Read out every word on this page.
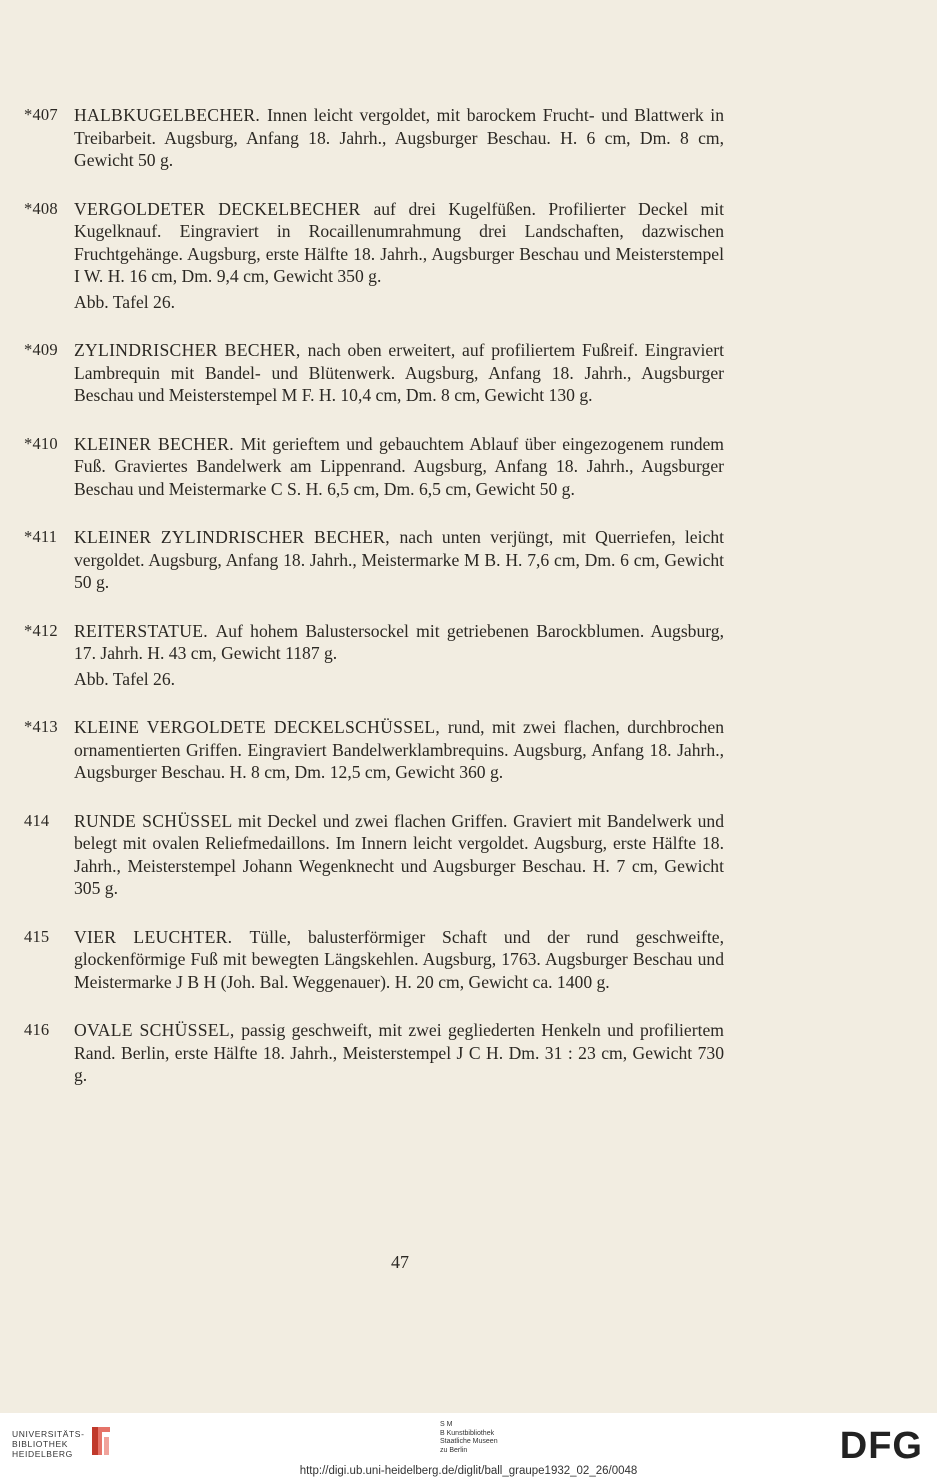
*407 HALBKUGELBECHER. Innen leicht vergoldet, mit barockem Frucht- und Blattwerk in Treibarbeit. Augsburg, Anfang 18. Jahrh., Augsburger Beschau. H. 6 cm, Dm. 8 cm, Gewicht 50 g.
*408 VERGOLDETER DECKELBECHER auf drei Kugelfüßen. Profilierter Deckel mit Kugelknauf. Eingraviert in Rocaillenumrahmung drei Landschaften, dazwischen Fruchtgehänge. Augsburg, erste Hälfte 18. Jahrh., Augsburger Beschau und Meisterstempel I W. H. 16 cm, Dm. 9,4 cm, Gewicht 350 g.
Abb. Tafel 26.
*409 ZYLINDRISCHER BECHER, nach oben erweitert, auf profiliertem Fußreif. Eingraviert Lambrequin mit Bandel- und Blütenwerk. Augsburg, Anfang 18. Jahrh., Augsburger Beschau und Meisterstempel M F. H. 10,4 cm, Dm. 8 cm, Gewicht 130 g.
*410 KLEINER BECHER. Mit gerieftem und gebauchtem Ablauf über eingezogenem rundem Fuß. Graviertes Bandelwerk am Lippenrand. Augsburg, Anfang 18. Jahrh., Augsburger Beschau und Meistermarke C S. H. 6,5 cm, Dm. 6,5 cm, Gewicht 50 g.
*411 KLEINER ZYLINDRISCHER BECHER, nach unten verjüngt, mit Querriefen, leicht vergoldet. Augsburg, Anfang 18. Jahrh., Meistermarke M B. H. 7,6 cm, Dm. 6 cm, Gewicht 50 g.
*412 REITERSTATUE. Auf hohem Balustersockel mit getriebenen Barockblumen. Augsburg, 17. Jahrh. H. 43 cm, Gewicht 1187 g.
Abb. Tafel 26.
*413 KLEINE VERGOLDETE DECKELSCHÜSSEL, rund, mit zwei flachen, durchbrochen ornamentierten Griffen. Eingraviert Bandelwerklambrequins. Augsburg, Anfang 18. Jahrh., Augsburger Beschau. H. 8 cm, Dm. 12,5 cm, Gewicht 360 g.
414	RUNDE SCHÜSSEL mit Deckel und zwei flachen Griffen. Graviert mit Bandelwerk und belegt mit ovalen Reliefmedaillons. Im Innern leicht vergoldet. Augsburg, erste Hälfte 18. Jahrh., Meisterstempel Johann Wegenknecht und Augsburger Beschau. H. 7 cm, Gewicht 305 g.
415	VIER LEUCHTER. Tülle, balusterförmiger Schaft und der rund geschweifte, glockenförmige Fuß mit bewegten Längskehlen. Augsburg, 1763. Augsburger Beschau und Meistermarke J B H (Joh. Bal. Weggenauer). H. 20 cm, Gewicht ca. 1400 g.
416	OVALE SCHÜSSEL, passig geschweift, mit zwei gegliederten Henkeln und profiliertem Rand. Berlin, erste Hälfte 18. Jahrh., Meisterstempel J C H. Dm. 31 : 23 cm, Gewicht 730 g.
47
UNIVERSITÄTS-
BIBLIOTHEK
HEIDELBERG
S M
B Kunstbibliothek
Staatliche Museen
zu Berlin	DFG
http://digi.ub.uni-heidelberg.de/diglit/ball_graupe1932_02_26/0048
